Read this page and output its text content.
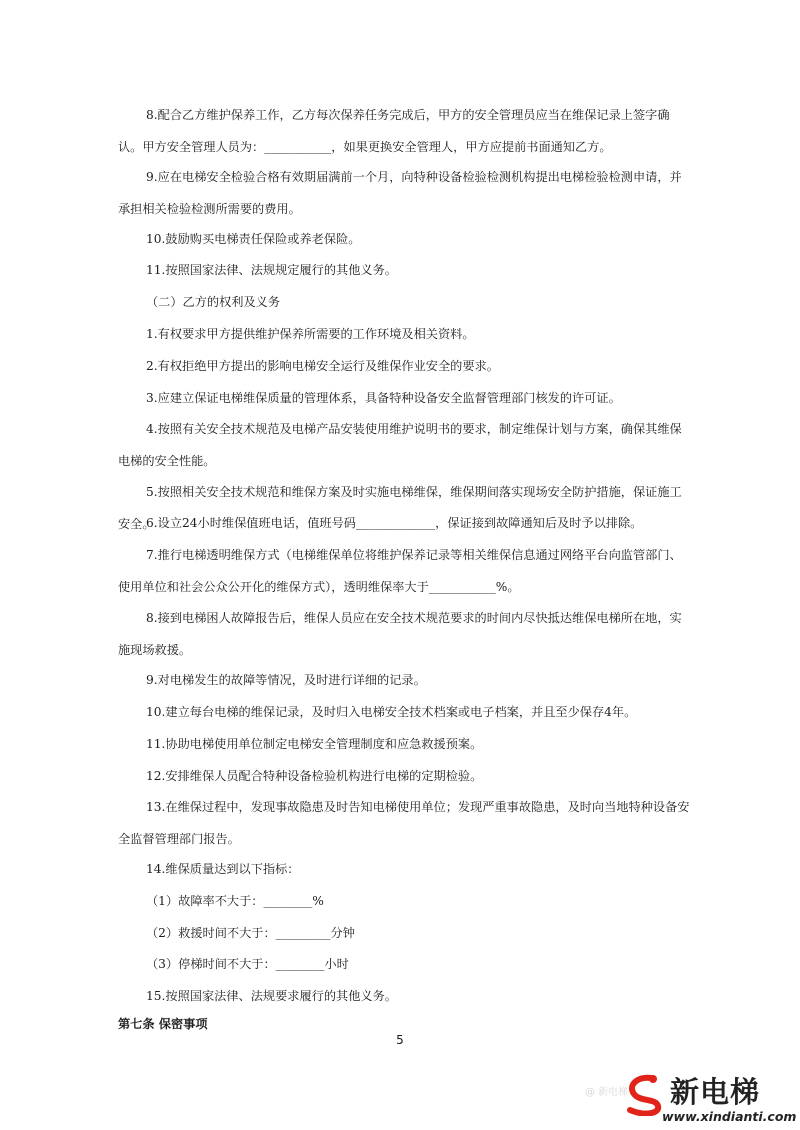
8.配合乙方维护保养工作，乙方每次保养任务完成后，甲方的安全管理员应当在维保记录上签字确认。甲方安全管理人员为：___________，如果更换安全管理人，甲方应提前书面通知乙方。

9.应在电梯安全检验合格有效期届满前一个月，向特种设备检验检测机构提出电梯检验检测申请，并承担相关检验检测所需要的费用。

10.鼓励购买电梯责任保险或养老保险。

11.按照国家法律、法规规定履行的其他义务。

（二）乙方的权利及义务

1.有权要求甲方提供维护保养所需要的工作环境及相关资料。

2.有权拒绝甲方提出的影响电梯安全运行及维保作业安全的要求。

3.应建立保证电梯维保质量的管理体系，具备特种设备安全监督管理部门核发的许可证。

4.按照有关安全技术规范及电梯产品安装使用维护说明书的要求，制定维保计划与方案，确保其维保电梯的安全性能。

5.按照相关安全技术规范和维保方案及时实施电梯维保，维保期间落实现场安全防护措施，保证施工安全。

6.设立24小时维保值班电话，值班号码_____________，保证接到故障通知后及时予以排除。

7.推行电梯透明维保方式（电梯维保单位将维护保养记录等相关维保信息通过网络平台向监管部门、使用单位和社会公众公开化的维保方式），透明维保率大于___________%。

8.接到电梯困人故障报告后，维保人员应在安全技术规范要求的时间内尽快抵达维保电梯所在地，实施现场救援。

9.对电梯发生的故障等情况，及时进行详细的记录。

10.建立每台电梯的维保记录，及时归入电梯安全技术档案或电子档案，并且至少保存4年。

11.协助电梯使用单位制定电梯安全管理制度和应急救援预案。

12.安排维保人员配合特种设备检验机构进行电梯的定期检验。

13.在维保过程中，发现事故隐患及时告知电梯使用单位；发现严重事故隐患，及时向当地特种设备安全监督管理部门报告。

14.维保质量达到以下指标：

（1）故障率不大于：________%

（2）救援时间不大于：_________分钟

（3）停梯时间不大于：________小时

15.按照国家法律、法规要求履行的其他义务。

第七条 保密事项

5
@ 新电梯 新电梯
www.xindianti.com
